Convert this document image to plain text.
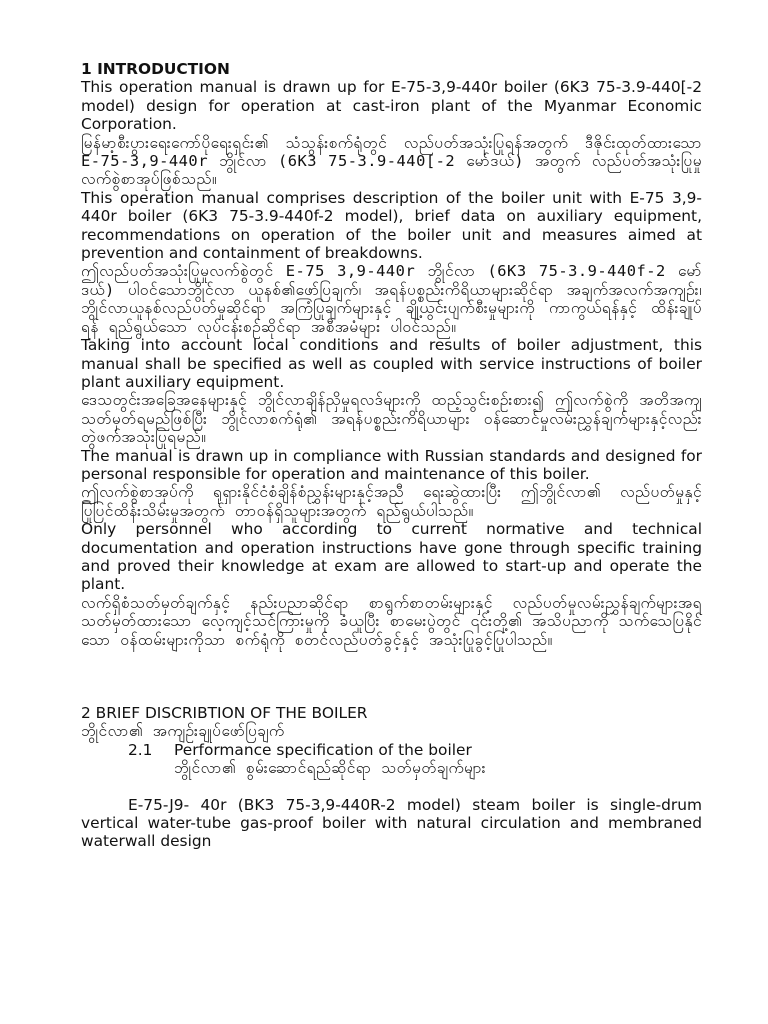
1 INTRODUCTION

This operation manual is drawn up for E-75-3,9-440r boiler (6K3 75-3.9-440[-2 model) design for operation at cast-iron plant of the Myanmar Economic Corporation.

မြန်မာ့စီးပွားရေးကော်ပိုရေးရှင်း၏ သံသွန်းစက်ရုံတွင် လည်ပတ်အသုံးပြုရန်အတွက် ဒီဇိုင်းထုတ်ထားသော E-75-3,9-440r ဘွိုင်လာ (6K3 75-3.9-440[-2 မော်ဒယ်) အတွက် လည်ပတ်အသုံးပြုမှုလက်စွဲစာအုပ်ဖြစ်သည်။

This operation manual comprises description of the boiler unit with E-75 3,9-440r boiler (6K3 75-3.9-440f-2 model), brief data on auxiliary equipment, recommendations on operation of the boiler unit and measures aimed at prevention and containment of breakdowns.

ဤလည်ပတ်အသုံးပြုမှုလက်စွဲတွင် E-75 3,9-440r ဘွိုင်လာ (6K3 75-3.9-440f-2 မော်ဒယ်) ပါဝင်သောဘွိုင်လာ ယူနစ်၏ဖော်ပြချက်၊ အရန်ပစ္စည်းကိရိယာများဆိုင်ရာ အချက်အလက်အကျဉ်း၊ ဘွိုင်လာယူနစ်လည်ပတ်မှုဆိုင်ရာ အကြံပြုချက်များနှင့် ချို့ယွင်းပျက်စီးမှုများကို ကာကွယ်ရန်နှင့် ထိန်းချုပ်ရန် ရည်ရွယ်သော လုပ်ငန်းစဉ်ဆိုင်ရာ အစီအမံများ ပါဝင်သည်။

Taking into account local conditions and results of boiler adjustment, this manual shall be specified as well as coupled with service instructions of boiler plant auxiliary equipment.

ဒေသတွင်းအခြေအနေများနှင့် ဘွိုင်လာချိန်ညှိမှုရလဒ်များကို ထည့်သွင်းစဉ်းစား၍ ဤလက်စွဲကို အတိအကျသတ်မှတ်ရမည်ဖြစ်ပြီး ဘွိုင်လာစက်ရုံ၏ အရန်ပစ္စည်းကိရိယာများ ဝန်ဆောင်မှုလမ်းညွှန်ချက်များနှင့်လည်း တွဲဖက်အသုံးပြုရမည်။

The manual is drawn up in compliance with Russian standards and designed for personal responsible for operation and maintenance of this boiler.

ဤလက်စွဲစာအုပ်ကို ရုရှားနိုင်ငံစံချိန်စံညွှန်းများနှင့်အညီ ရေးဆွဲထားပြီး ဤဘွိုင်လာ၏ လည်ပတ်မှုနှင့် ပြုပြင်ထိန်းသိမ်းမှုအတွက် တာဝန်ရှိသူများအတွက် ရည်ရွယ်ပါသည်။

Only personnel who according to current normative and technical documentation and operation instructions have gone through specific training and proved their knowledge at exam are allowed to start-up and operate the plant.

လက်ရှိစံသတ်မှတ်ချက်နှင့် နည်းပညာဆိုင်ရာ စာရွက်စာတမ်းများနှင့် လည်ပတ်မှုလမ်းညွှန်ချက်များအရ သတ်မှတ်ထားသော လေ့ကျင့်သင်ကြားမှုကို ခံယူပြီး စာမေးပွဲတွင် ၎င်းတို့၏ အသိပညာကို သက်သေပြနိုင်သော ဝန်ထမ်းများကိုသာ စက်ရုံကို စတင်လည်ပတ်ခွင့်နှင့် အသုံးပြုခွင့်ပြုပါသည်။

2 BRIEF DISCRIBTION OF THE BOILER
ဘွိုင်လာ၏ အကျဉ်းချုပ်ဖော်ပြချက်
2.1	Performance specification of the boiler
ဘွိုင်လာ၏ စွမ်းဆောင်ရည်ဆိုင်ရာ သတ်မှတ်ချက်များ

E-75-J9- 40r (BK3 75-3,9-440R-2 model) steam boiler is single-drum vertical water-tube gas-proof boiler with natural circulation and membraned waterwall design
